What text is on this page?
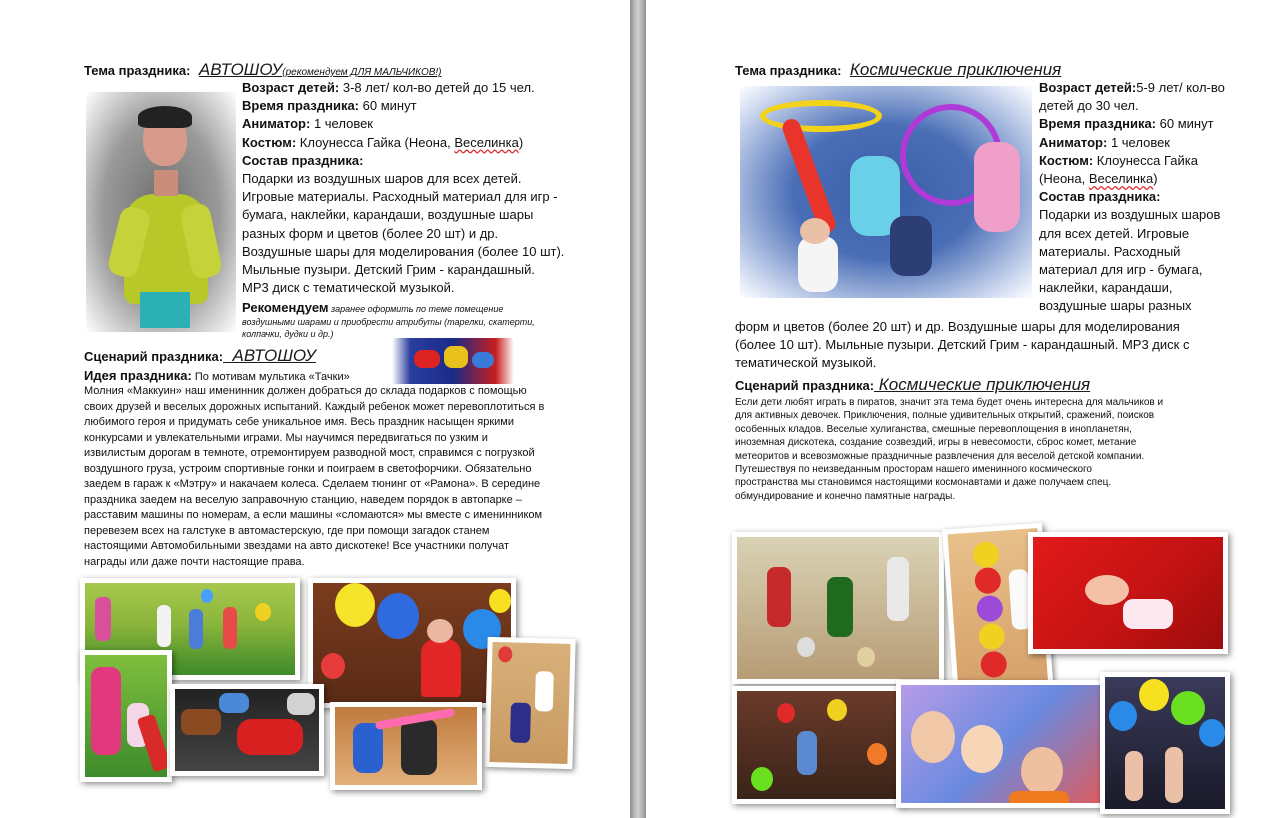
Тема праздника: АВТОШОУ(рекомендуем ДЛЯ МАЛЬЧИКОВ!)
Возраст детей: 3-8 лет/ кол-во детей до 15 чел.
Время праздника: 60 минут
Аниматор: 1 человек
Костюм: Клоунесса Гайка (Неона, Веселинка)
Состав праздника:
Подарки из воздушных шаров для всех детей.
Игровые материалы. Расходный материал для игр -
бумага, наклейки, карандаши, воздушные шары
разных форм и цветов (более 20 шт) и др.
Воздушные шары для моделирования (более 10 шт).
Мыльные пузыри. Детский Грим - карандашный.
МР3 диск с тематической музыкой.
Рекомендуем заранее оформить по теме помещение
воздушными шарами и приобрести атрибуты (тарелки, скатерти,
колпачки, дудки и др.)
Сценарий праздника:  АВТОШОУ
Идея праздника: По мотивам мультика «Тачки»
Молния «Маккуин» наш именинник должен добраться до склада подарков с помощью
своих друзей и веселых дорожных испытаний. Каждый ребенок может перевоплотиться в
любимого героя и придумать себе уникальное имя. Весь праздник насыщен яркими
конкурсами и увлекательными играми. Мы научимся передвигаться по узким и
извилистым дорогам в темноте, отремонтируем разводной мост, справимся с погрузкой
воздушного груза, устроим спортивные гонки и поиграем в светофорчики. Обязательно
заедем в гараж к «Мэтру» и накачаем колеса. Сделаем тюнинг от «Рамона». В середине
праздника заедем на веселую заправочную станцию, наведем порядок в автопарке –
расставим машины по номерам, а если машины «сломаются» мы вместе с именинником
перевезем всех на галстуке в автомастерскую, где при помощи загадок станем
настоящими Автомобильными звездами на авто дискотеке! Все участники получат
награды или даже почти настоящие права.
Тема праздника: Космические приключения
Возраст детей:5-9 лет/ кол-во
детей до 30 чел.
Время праздника: 60 минут
Аниматор: 1 человек
Костюм: Клоунесса Гайка
(Неона, Веселинка)
Состав праздника:
Подарки из воздушных шаров
для всех детей. Игровые
материалы. Расходный
материал для игр - бумага,
наклейки, карандаши,
воздушные шары разных
форм и цветов (более 20 шт) и др. Воздушные шары для моделирования
(более 10 шт). Мыльные пузыри. Детский Грим - карандашный. МР3 диск с
тематической музыкой.
Сценарий праздника: Космические приключения
Если дети любят играть в пиратов, значит эта тема будет очень интересна для мальчиков и
для активных девочек. Приключения, полные удивительных открытий, сражений, поисков
особенных кладов. Веселые хулиганства, смешные перевоплощения в инопланетян,
иноземная дискотека, создание созвездий, игры в невесомости, сброс комет, метание
метеоритов и всевозможные праздничные развлечения для веселой детской компании.
Путешествуя по неизведанным просторам нашего именинного космического
пространства мы становимся настоящими космонавтами и даже получаем спец.
обмундирование и конечно памятные награды.
